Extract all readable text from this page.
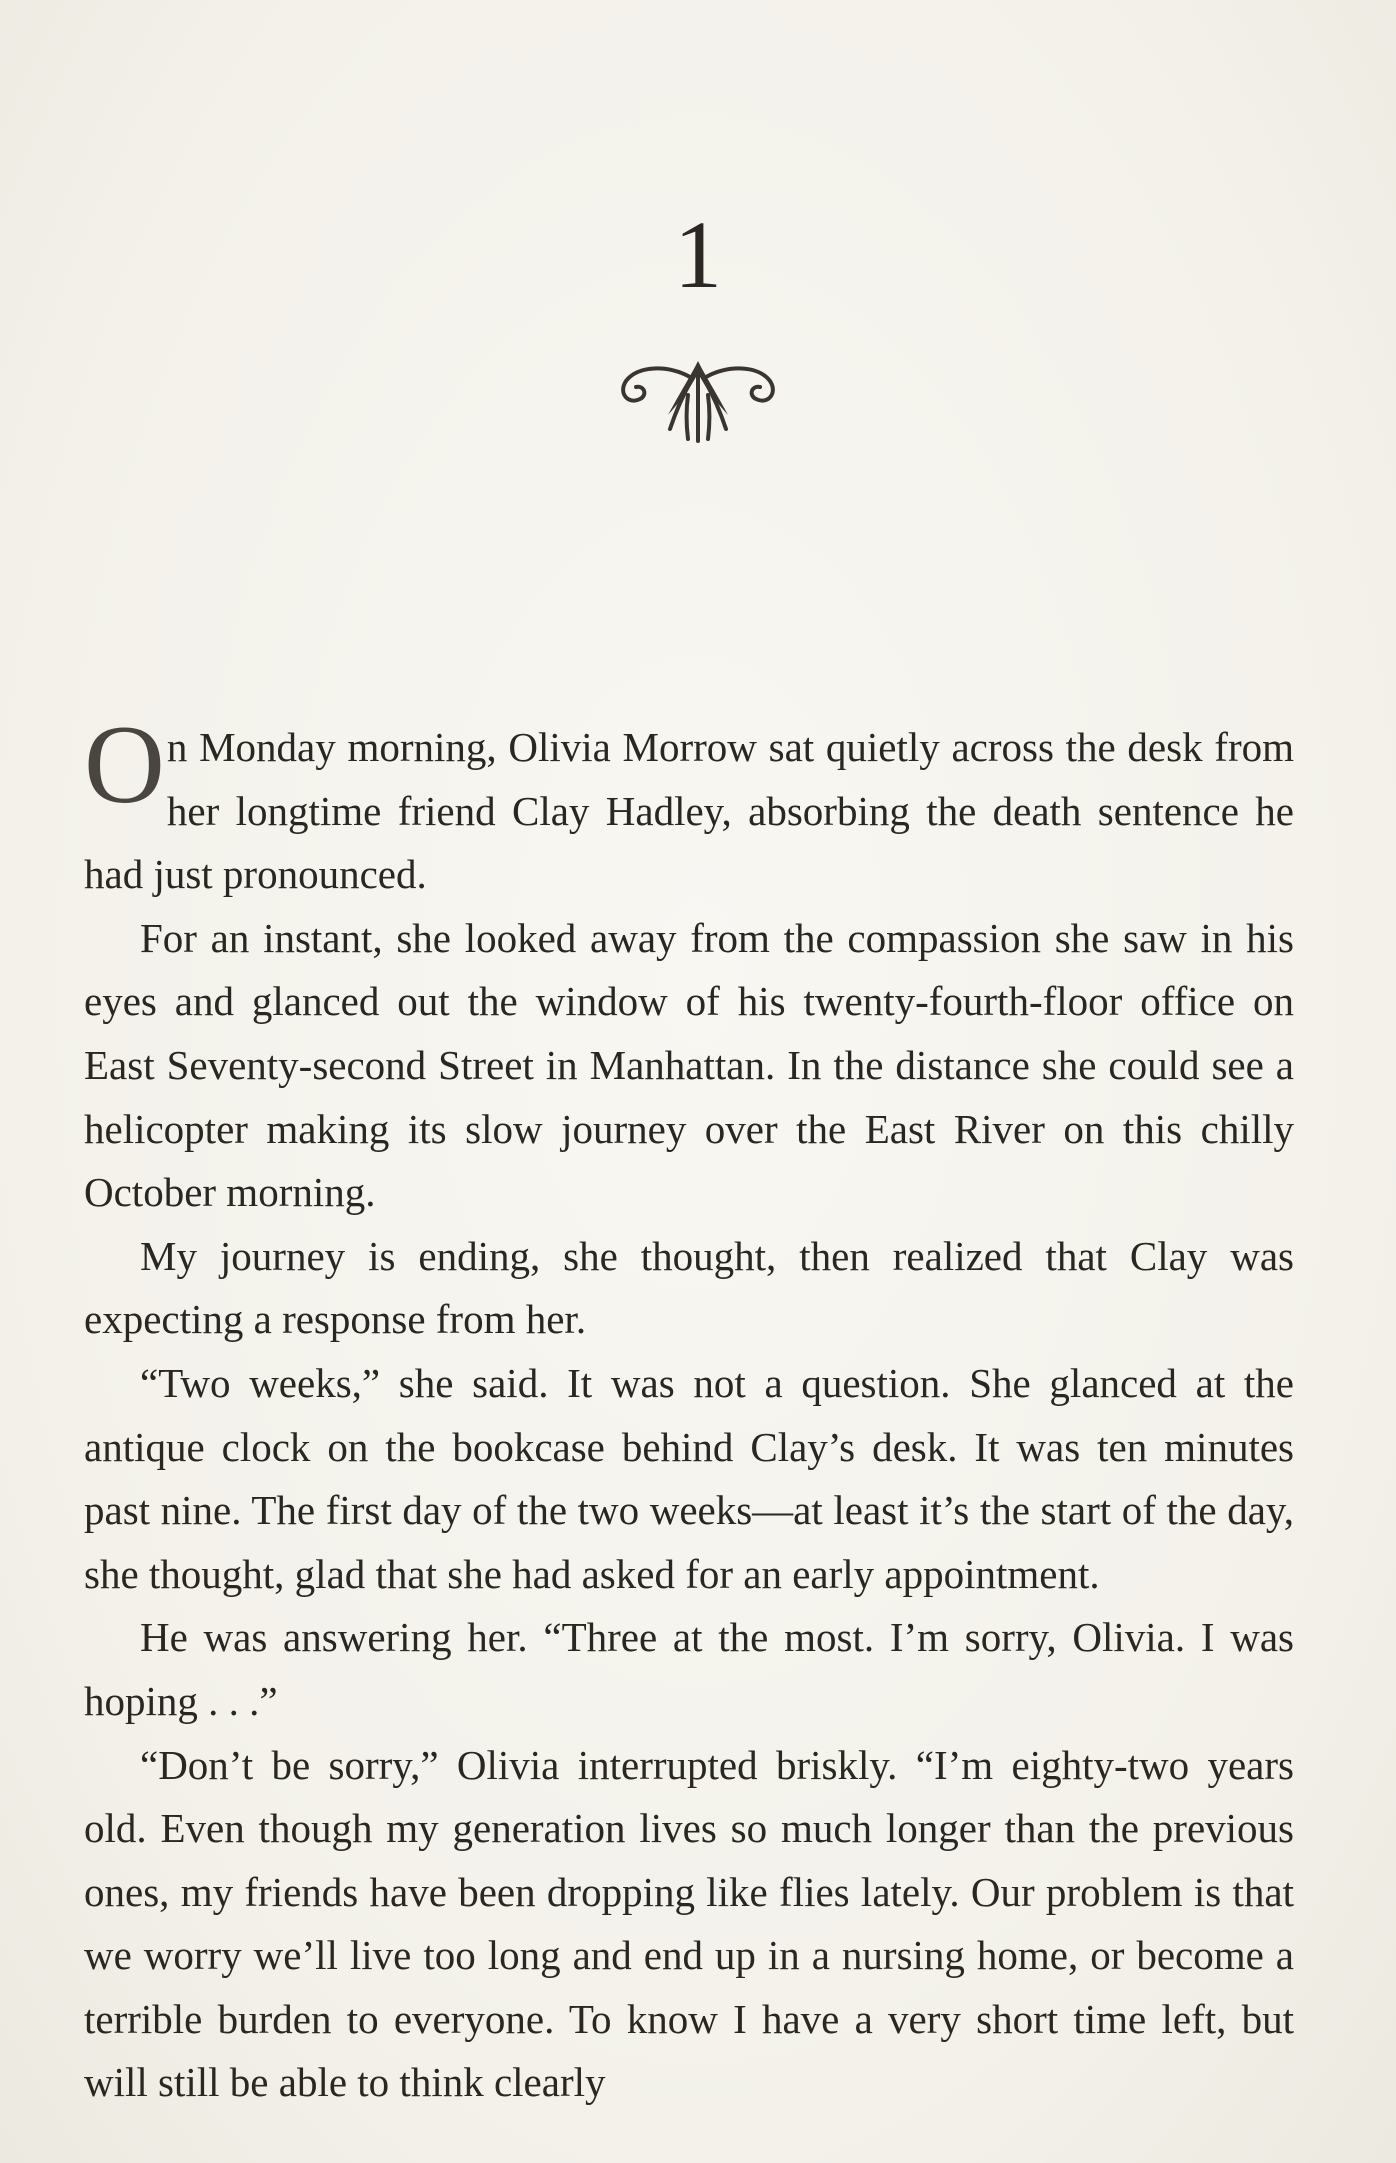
1

On Monday morning, Olivia Morrow sat quietly across the desk from her longtime friend Clay Hadley, absorbing the death sentence he had just pronounced.

For an instant, she looked away from the compassion she saw in his eyes and glanced out the window of his twenty-fourth-floor office on East Seventy-second Street in Manhattan. In the distance she could see a helicopter making its slow journey over the East River on this chilly October morning.

My journey is ending, she thought, then realized that Clay was expecting a response from her.

“Two weeks,” she said. It was not a question. She glanced at the antique clock on the bookcase behind Clay’s desk. It was ten minutes past nine. The first day of the two weeks—at least it’s the start of the day, she thought, glad that she had asked for an early appointment.

He was answering her. “Three at the most. I’m sorry, Olivia. I was hoping . . .”

“Don’t be sorry,” Olivia interrupted briskly. “I’m eighty-two years old. Even though my generation lives so much longer than the previous ones, my friends have been dropping like flies lately. Our problem is that we worry we’ll live too long and end up in a nursing home, or become a terrible burden to everyone. To know I have a very short time left, but will still be able to think clearly
